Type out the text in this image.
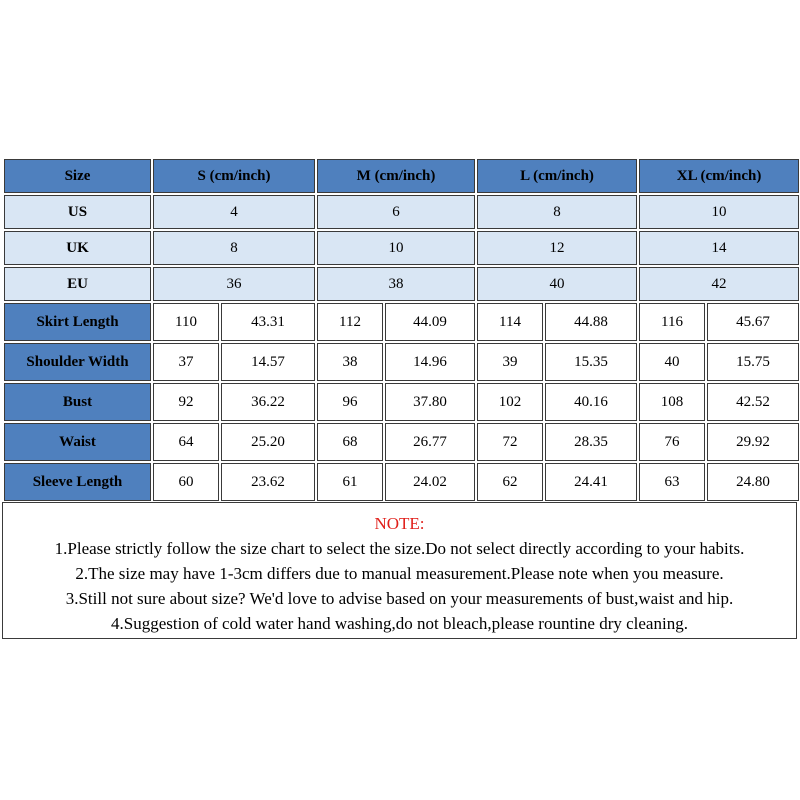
Size	S (cm/inch)		M (cm/inch)		L (cm/inch)		XL (cm/inch)	
US	4		6		8		10	
UK	8		10		12		14	
EU	36		38		40		42	
Skirt Length	110	43.31	112	44.09	114	44.88	116	45.67
Shoulder Width	37	14.57	38	14.96	39	15.35	40	15.75
Bust	92	36.22	96	37.80	102	40.16	108	42.52
Waist	64	25.20	68	26.77	72	28.35	76	29.92
Sleeve Length	60	23.62	61	24.02	62	24.41	63	24.80
NOTE:
1.Please strictly follow the size chart to select the size.Do not select directly according to your habits.
2.The size may have 1-3cm differs due to manual measurement.Please note when you measure.
3.Still not sure about size? We'd love to advise based on your measurements of bust,waist and hip.
4.Suggestion of cold water hand washing,do not bleach,please rountine dry cleaning.
